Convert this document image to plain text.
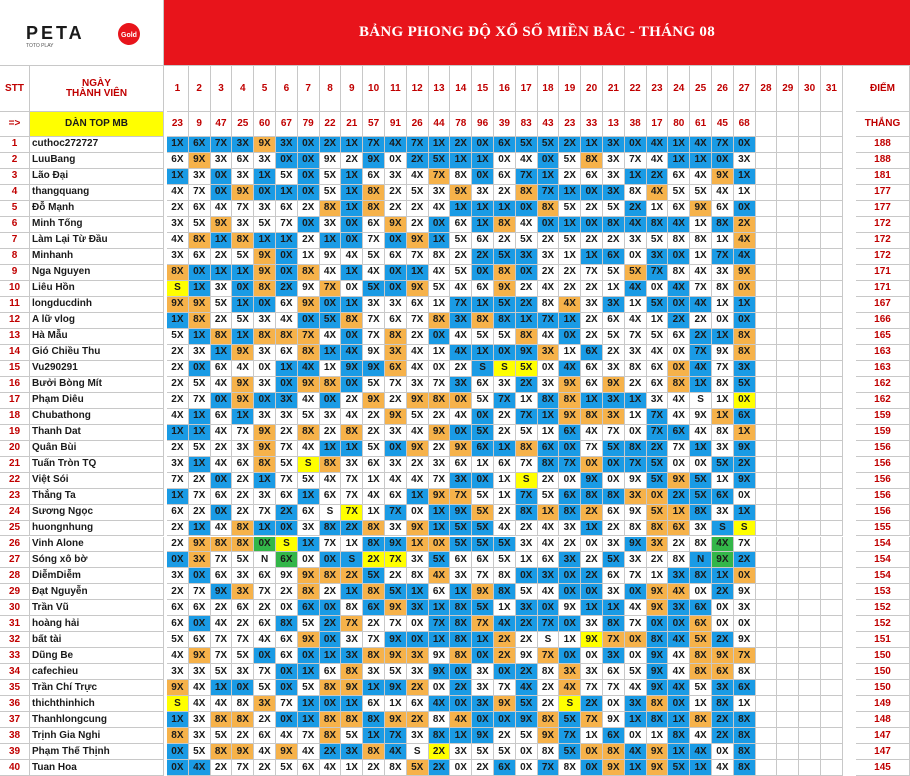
PETA	Gold
TOTO PLAY
BẢNG PHONG ĐỘ XỔ SỐ MIỀN BẮC - THÁNG 08
STT	NGÀY
THÀNH VIÊN	1	2	3	4	5	6	7	8	9	10	11	12	13	14	15	16	17	18	19	20	21	22	23	24	25	26	27	28	29	30	31	ĐIỂM
=>	DÀN TOP MB	23	9	47	25	60	67	79	22	21	57	91	26	44	78	96	39	83	43	23	33	13	38	17	80	61	45	68	THẮNG
1	cuthoc272727	1X 6X 7X 3X 9X 3X 0X 2X 1X 7X 4X 7X 1X 2X 0X 6X 5X 5X 2X 1X 3X 0X 4X 1X 4X 7X 0X	188
2	LuuBang	6X 9X 3X 6X 3X 0X 0X 9X 2X 9X 0X 2X 5X 1X 1X 0X 4X 0X 5X 8X 3X 7X 4X 1X 1X 0X 3X	188
3	Lão Đại	1X 3X 0X 3X 1X 5X 0X 5X 1X 6X 3X 4X 7X 8X 0X 6X 7X 1X 2X 6X 3X 1X 2X 6X 4X 9X 1X	181
4	thangquang	4X 7X 0X 9X 0X 1X 0X 5X 1X 8X 2X 5X 3X 9X 3X 2X 8X 7X 1X 0X 3X 8X 4X 5X 5X 4X 1X	177
5	Đỗ Mạnh	2X 6X 4X 7X 3X 6X 2X 8X 1X 8X 2X 2X 4X 1X 1X 1X 0X 8X 5X 2X 5X 2X 1X 6X 9X 6X 0X	177
6	Minh Tống	3X 5X 9X 3X 5X 7X 0X 3X 0X 6X 9X 2X 0X 6X 1X 8X 4X 0X 1X 0X 8X 4X 8X 4X 1X 8X 2X	172
7	Làm Lại Từ Đầu	4X 8X 1X 8X 1X 1X 2X 1X 0X 7X 0X 9X 1X 5X 6X 2X 5X 2X 5X 2X 2X 3X 5X 8X 8X 1X 4X	172
8	Minhanh	3X 6X 2X 5X 9X 0X 1X 9X 4X 5X 6X 7X 8X 2X 2X 5X 3X 3X 1X 1X 6X 0X 3X 0X 1X 7X 4X	172
9	Nga Nguyen	8X 0X 1X 1X 9X 0X 8X 4X 1X 4X 0X 1X 4X 5X 0X 8X 0X 2X 2X 7X 5X 5X 7X 8X 4X 3X 9X	171
10	Liêu Hồn	S	1X 3X 0X 8X 2X 9X 7X 0X 5X 0X 9X 5X 4X 6X 9X 2X 4X 2X 2X 1X 4X 0X 4X 7X 8X 0X	171
11	longducdinh	9X 9X 5X 1X 0X 6X 9X 0X 1X 3X 3X 6X 1X 7X 1X 5X 2X 8X 4X 3X 3X 1X 5X 0X 4X 1X 1X	167
12	A lữ vlog	1X 8X 2X 5X 3X 4X 0X 5X 8X 7X 6X 7X 8X 3X 8X 8X 1X 7X 1X 2X 6X 4X 1X 2X 2X 0X 0X	166
13	Hà Mẫu	5X 1X 8X 1X 8X 8X 7X 4X 0X 7X 8X 2X 0X 4X 5X 5X 8X 4X 0X 2X 5X 7X 5X 6X 2X 1X 8X	165
14	Gió Chiều Thu	2X 3X 1X 9X 3X 6X 8X 1X 4X 9X 3X 4X 1X 4X 1X 0X 9X 3X 1X 6X 2X 3X 4X 0X 7X 9X 8X	163
15	Vu290291	2X 0X 6X 4X 0X 1X 4X 1X 9X 9X 6X 4X 0X 2X	S	S	5X 0X 4X 6X 3X 8X 6X 0X 4X 7X 3X	163
16	Bưởi Bòng Mít	2X 5X 4X 9X 3X 0X 9X 8X 0X 5X 7X 3X 7X 3X 6X 3X 2X 3X 9X 6X 9X 2X 6X 8X 1X 8X 5X	162
17	Phạm Diêu	2X 7X 0X 9X 0X 3X 4X 0X 2X 9X 2X 9X 8X 0X 5X 7X 1X 8X 8X 1X 3X 1X 3X 4X	S	1X 0X	162
18	Chubathong	4X 1X 6X 1X 3X 3X 5X 3X 4X 2X 9X 5X 2X 4X 0X 2X 7X 1X 9X 8X 3X 1X 7X 4X 9X 1X 6X	159
19	Thanh Dat	1X 1X 4X 7X 9X 2X 8X 2X 8X 2X 3X 4X 9X 0X 5X 2X 5X 1X 6X 4X 7X 0X 7X 6X 4X 8X 1X	159
20	Quân Bùi	2X 5X 2X 3X 9X 7X 4X 1X 1X 5X 0X 9X 2X 9X 6X 1X 8X 6X 0X 7X 5X 8X 2X 7X 1X 3X 9X	156
21	Tuấn Tròn TQ	3X 1X 4X 6X 8X 5X	S	8X 3X 6X 3X 2X 3X 6X 1X 6X 7X 8X 7X 0X 0X 7X 5X 0X 0X 5X 2X	156
22	Việt Sói	7X 2X 0X 2X 1X 7X 5X 4X 7X 1X 4X 4X 7X 3X 0X 1X	S	2X 0X 9X 0X 9X 5X 9X 5X 1X 9X	156
23	Thắng Ta	1X 7X 6X 2X 3X 6X 1X 6X 7X 4X 6X 1X 9X 7X 5X 1X 7X 5X 6X 8X 8X 3X 0X 2X 5X 6X 0X	156
24	Sương Ngọc	6X 2X 0X 2X 7X 2X 6X	S	7X 1X 7X 0X 1X 9X 5X 2X 8X 1X 8X 2X 6X 9X 5X 1X 8X 3X 1X	156
25	huongnhung	2X 1X 4X 8X 1X 0X 3X 8X 2X 8X 3X 9X 1X 5X 5X 4X 2X 4X 3X 1X 2X 8X 8X 6X 3X	S	S	155
26	Vinh Alone	2X 9X 8X 8X 0X	S	1X 7X 1X 8X 9X 1X 0X 5X 5X 5X 3X 4X 2X 0X 3X 9X 3X 2X 8X 4X 7X	154
27	Sóng xô bờ	0X 3X 7X 5X	N	6X 0X 0X	S	2X 7X 3X 5X 6X 6X 5X 1X 6X 3X 2X 5X 3X 2X 8X	N	9X 2X	154
28	DiễmDiễm	3X 0X 6X 3X 6X 9X 9X 8X 2X 5X 2X 8X 4X 3X 7X 8X 0X 3X 0X 2X 6X 7X 1X 3X 8X 1X 0X	154
29	Đạt Nguyễn	2X 7X 9X 3X 7X 2X 8X 2X 1X 8X 5X 1X 6X 1X 9X 8X 5X 4X 0X 0X 3X 0X 9X 4X 0X 2X 9X	153
30	Trần Vũ	6X 6X 2X 6X 2X 0X 6X 0X 8X 6X 9X 3X 1X 8X 5X 1X 3X 0X 9X 1X 1X 4X 9X 3X 6X 0X 3X	152
31	hoàng hải	6X 0X 4X 2X 6X 8X 5X 2X 7X 2X 7X 0X 7X 8X 7X 4X 2X 7X 0X 3X 8X 7X 0X 0X 6X 0X 0X	152
32	bất tài	5X 6X 7X 7X 4X 6X 9X 0X 3X 7X 9X 0X 1X 8X 1X 2X 2X	S	1X 9X 7X 0X 8X 4X 5X 2X 9X	151
33	Dũng Be	4X 9X 7X 5X 0X 6X 0X 1X 3X 8X 9X 3X 9X 8X 0X 2X 9X 7X 0X 0X 3X 0X 9X 4X 8X 9X 7X	150
34	cafechieu	3X 3X 5X 3X 7X 0X 1X 6X 8X 3X 5X 3X 9X 0X 3X 0X 2X 8X 3X 3X 6X 5X 9X 4X 8X 6X 8X	150
35	Trần Chí Trực	9X 4X 1X 0X 5X 0X 5X 8X 9X 1X 9X 2X 0X 2X 3X 7X 4X 2X 4X 7X 7X 4X 9X 4X 5X 3X 6X	150
36	thichthinhich	S	4X 4X 8X 3X 7X 1X 0X 1X 6X 1X 6X 4X 0X 3X 9X 5X 2X	S	2X 0X 3X 8X 0X 1X 8X 1X	149
37	Thanhlongcung	1X 3X 8X 8X 2X 0X 1X 8X 8X 8X 9X 2X 8X 4X 0X 0X 9X 8X 5X 7X 9X 1X 8X 1X 8X 2X 8X	148
38	Trịnh Gia Nghi	8X 3X 5X 2X 6X 4X 7X 8X 5X 1X 7X 3X 8X 1X 9X 2X 5X 9X 7X 1X 6X 0X 1X 8X 4X 2X 8X	147
39	Phạm Thế Thịnh	0X 5X 8X 9X 4X 9X 4X 2X 3X 8X 4X	S	2X 3X 5X 5X 0X 8X 5X 0X 8X 4X 9X 1X 4X 0X 8X	147
40	Tuan Hoa	0X 4X 2X 7X 2X 5X 6X 4X 1X 2X 8X 5X 2X 0X 2X 6X 0X 7X 8X 0X 9X 1X 9X 5X 1X 4X 8X	145
